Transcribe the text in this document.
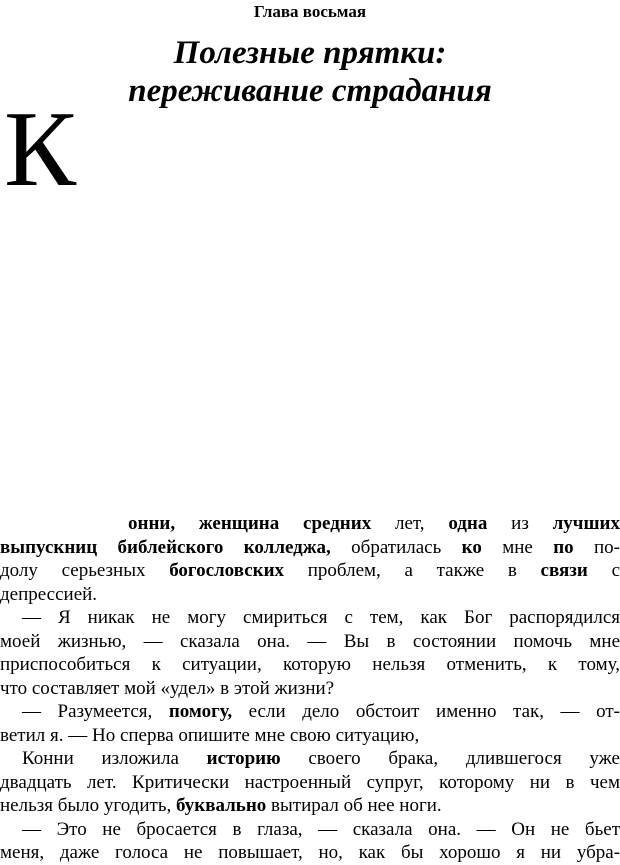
Глава восьмая
Полезные прятки:
переживание страдания
К
онни, женщина средних лет, одна из лучших
выпускниц библейского колледжа, обратилась ко мне по по-
долу серьезных богословских проблем, а также в связи с
депрессией.
— Я никак не могу смириться с тем, как Бог распорядился
моей жизнью, — сказала она. — Вы в состоянии помочь мне
приспособиться к ситуации, которую нельзя отменить, к тому,
что составляет мой «удел» в этой жизни?
— Разумеется, помогу, если дело обстоит именно так, — от-
ветил я. — Но сперва опишите мне свою ситуацию,
Конни изложила историю своего брака, длившегося уже
двадцать лет. Критически настроенный супруг, которому ни в чем
нельзя было угодить, буквально вытирал об нее ноги.
— Это не бросается в глаза, — сказала она. — Он не бьет
меня, даже голоса не повышает, но, как бы хорошо я ни убра-
